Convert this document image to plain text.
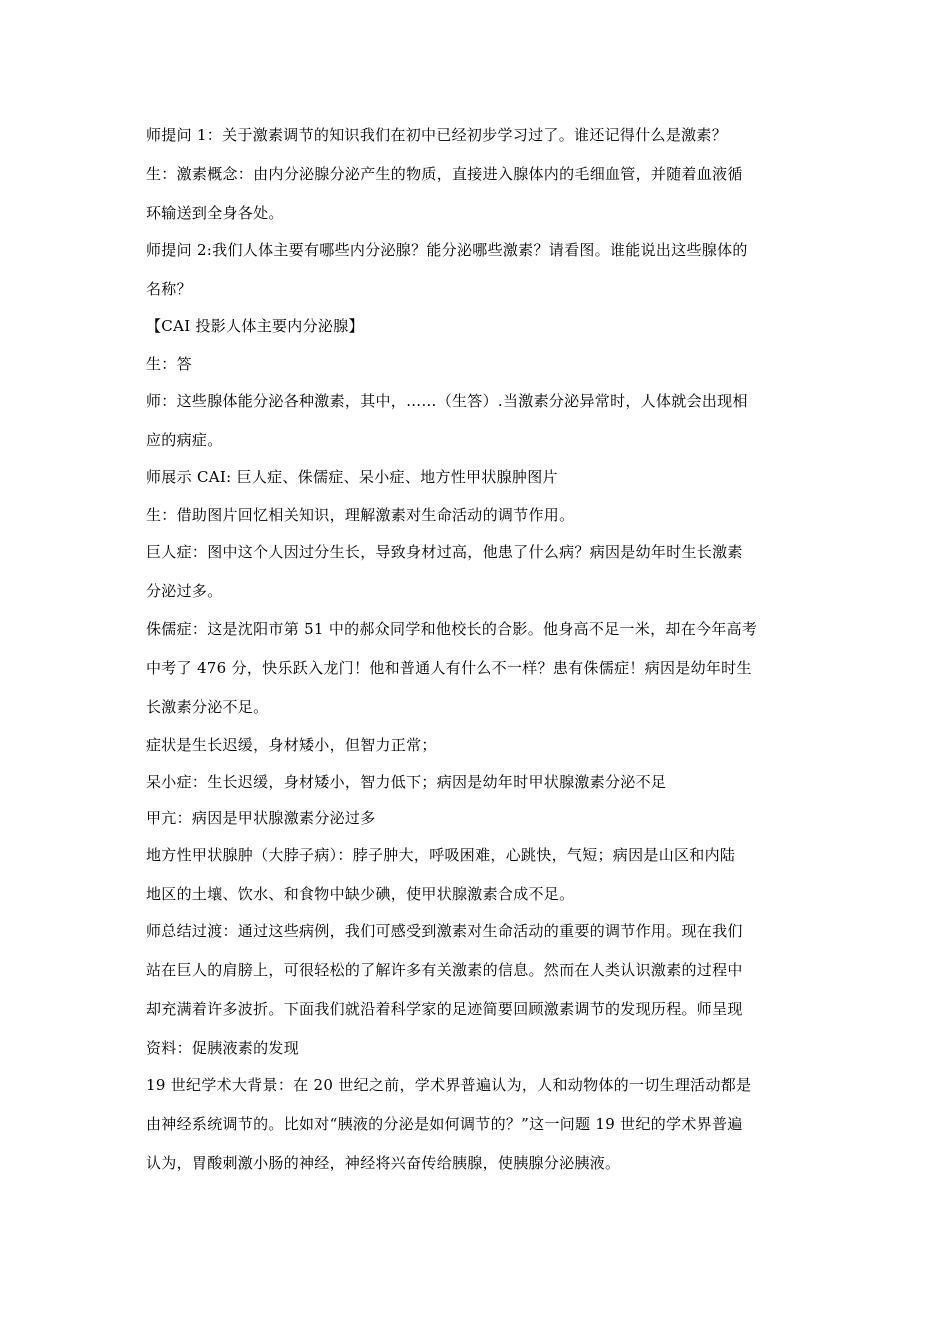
师提问 1：关于激素调节的知识我们在初中已经初步学习过了。谁还记得什么是激素？
生：激素概念：由内分泌腺分泌产生的物质，直接进入腺体内的毛细血管，并随着血液循
环输送到全身各处。
师提问 2:我们人体主要有哪些内分泌腺？能分泌哪些激素？请看图。谁能说出这些腺体的
名称？
【CAI 投影人体主要内分泌腺】
生：答
师：这些腺体能分泌各种激素，其中，……（生答）.当激素分泌异常时，人体就会出现相
应的病症。
师展示 CAI: 巨人症、侏儒症、呆小症、地方性甲状腺肿图片
生：借助图片回忆相关知识，理解激素对生命活动的调节作用。
巨人症：图中这个人因过分生长，导致身材过高，他患了什么病？病因是幼年时生长激素
分泌过多。
侏儒症：这是沈阳市第 51 中的郝众同学和他校长的合影。他身高不足一米，却在今年高考
中考了 476 分，快乐跃入龙门！他和普通人有什么不一样？患有侏儒症！病因是幼年时生
长激素分泌不足。
症状是生长迟缓，身材矮小，但智力正常；
呆小症：生长迟缓，身材矮小，智力低下；病因是幼年时甲状腺激素分泌不足
甲亢：病因是甲状腺激素分泌过多
地方性甲状腺肿（大脖子病）：脖子肿大，呼吸困难，心跳快，气短；病因是山区和内陆
地区的土壤、饮水、和食物中缺少碘，使甲状腺激素合成不足。
师总结过渡：通过这些病例，我们可感受到激素对生命活动的重要的调节作用。现在我们
站在巨人的肩膀上，可很轻松的了解许多有关激素的信息。然而在人类认识激素的过程中
却充满着许多波折。下面我们就沿着科学家的足迹简要回顾激素调节的发现历程。师呈现
资料：促胰液素的发现
19 世纪学术大背景：在 20 世纪之前，学术界普遍认为，人和动物体的一切生理活动都是
由神经系统调节的。比如对“胰液的分泌是如何调节的？”这一问题 19 世纪的学术界普遍
认为，胃酸刺激小肠的神经，神经将兴奋传给胰腺，使胰腺分泌胰液。
